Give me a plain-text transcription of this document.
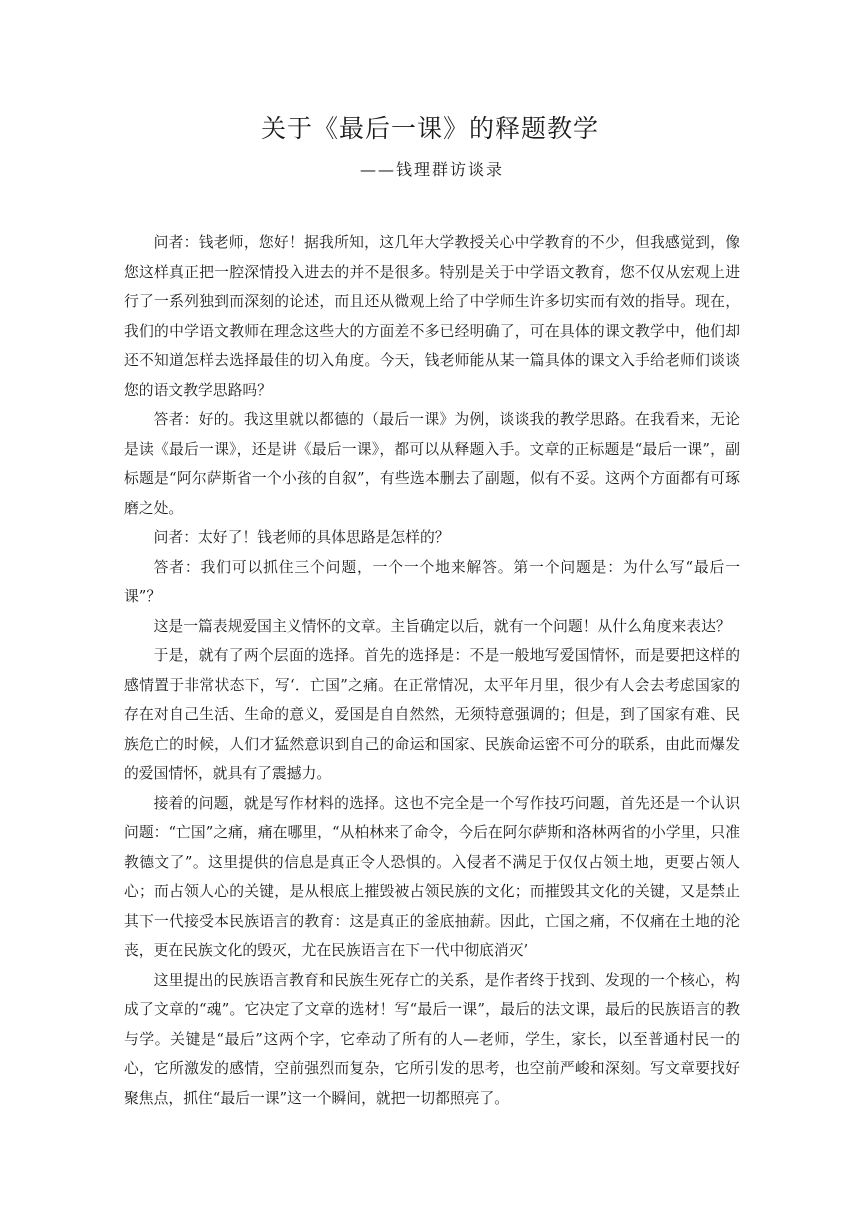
关于《最后一课》的释题教学
——钱理群访谈录

问者：钱老师，您好！据我所知，这几年大学教授关心中学教育的不少，但我感觉到，像您这样真正把一腔深情投入进去的并不是很多。特别是关于中学语文教育，您不仅从宏观上进行了一系列独到而深刻的论述，而且还从微观上给了中学师生许多切实而有效的指导。现在，我们的中学语文教师在理念这些大的方面差不多已经明确了，可在具体的课文教学中，他们却还不知道怎样去选择最佳的切入角度。今天，钱老师能从某一篇具体的课文入手给老师们谈谈您的语文教学思路吗？

答者：好的。我这里就以都德的（最后一课》为例，谈谈我的教学思路。在我看来，无论是读《最后一课》，还是讲《最后一课》，都可以从释题入手。文章的正标题是“最后一课”，副标题是“阿尔萨斯省一个小孩的自叙”，有些选本删去了副题，似有不妥。这两个方面都有可琢磨之处。

问者：太好了！钱老师的具体思路是怎样的？

答者：我们可以抓住三个问题，一个一个地来解答。第一个问题是：为什么写“最后一课”？

这是一篇表规爱国主义情怀的文章。主旨确定以后，就有一个问题！从什么角度来表达？

于是，就有了两个层面的选择。首先的选择是：不是一般地写爱国情怀，而是要把这样的感情置于非常状态下，写‘．亡国”之痛。在正常情况，太平年月里，很少有人会去考虑国家的存在对自己生活、生命的意义，爱国是自自然然，无须特意强调的；但是，到了国家有难、民族危亡的时候，人们才猛然意识到自己的命运和国家、民族命运密不可分的联系，由此而爆发的爱国情怀，就具有了震撼力。

接着的问题，就是写作材料的选择。这也不完全是一个写作技巧问题，首先还是一个认识问题：“亡国”之痛，痛在哪里，“从柏林来了命令，今后在阿尔萨斯和洛林两省的小学里，只准教德文了”。这里提供的信息是真正令人恐惧的。入侵者不满足于仅仅占领土地，更要占领人心；而占领人心的关键，是从根底上摧毁被占领民族的文化；而摧毁其文化的关键，又是禁止其下一代接受本民族语言的教育：这是真正的釜底抽薪。因此，亡国之痛，不仅痛在土地的沦丧，更在民族文化的毁灭，尤在民族语言在下一代中彻底消灭’

这里提出的民族语言教育和民族生死存亡的关系，是作者终于找到、发现的一个核心，构成了文章的“魂”。它决定了文章的选材！写“最后一课”，最后的法文课，最后的民族语言的教与学。关键是“最后”这两个字，它牵动了所有的人—老师，学生，家长，以至普通村民一的心，它所激发的感情，空前强烈而复杂，它所引发的思考，也空前严峻和深刻。写文章要找好聚焦点，抓住“最后一课”这一个瞬间，就把一切都照亮了。
